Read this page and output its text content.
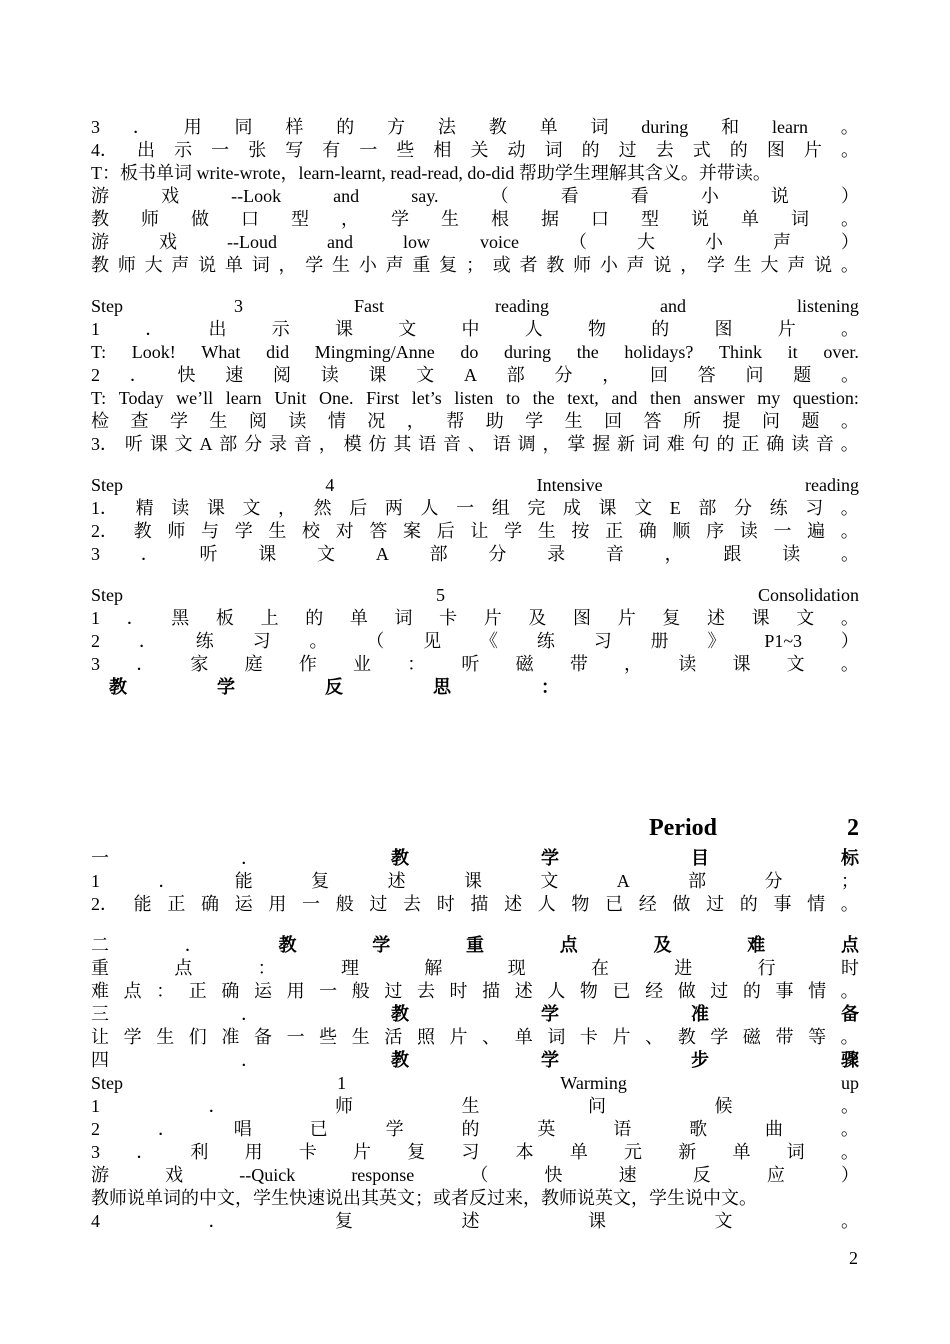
3 ． 用 同 样 的 方 法 教 单 词 during 和 learn 。
4． 出 示 一 张 写 有 一 些 相 关 动 词 的 过 去 式 的 图 片 。
T：板书单词 write-wrote，learn-learnt, read-read, do-did 帮助学生理解其含义。并带读。
游	戏	--Look	and	say.	（	看	看	小	说	）
教 师 做 口 型 ， 学 生 根 据 口 型 说 单 词 。
游	戏	--Loud	and	low	voice	（	大	小	声	）
教 师 大 声 说 单 词 ， 学 生 小 声 重 复 ； 或 者 教 师 小 声 说 ， 学 生 大 声 说 。
Step	3	Fast	reading	and	listening
1	．	出	示	课	文	中	人	物	的	图	片	。
T: Look! What did Mingming/Anne do during the holidays? Think it over.
2 ． 快 速 阅 读 课 文 A 部 分 ， 回 答 问 题 。
T: Today we’ll learn Unit One. First let’s listen to the text, and then answer my question:
检 查 学 生 阅 读 情 况 ， 帮 助 学 生 回 答 所 提 问 题 。
3． 听 课 文 A 部 分 录 音 ， 模 仿 其 语 音 、 语 调 ， 掌 握 新 词 难 句 的 正 确 读 音 。
Step	4	Intensive	reading
1． 精 读 课 文 ， 然 后 两 人 一 组 完 成 课 文 E 部 分 练 习 。
2． 教 师 与 学 生 校 对 答 案 后 让 学 生 按 正 确 顺 序 读 一 遍 。
3 ． 听 课 文 A 部 分 录 音 ， 跟 读 。
Step	5	Consolidation
1 ． 黑 板 上 的 单 词 卡 片 及 图 片 复 述 课 文 。
2 ． 练 习 。 （ 见 《 练 习 册 》 P1~3 ）
3 ． 家 庭 作 业 ： 听 磁 带 ， 读 课 文 。
教	学	反	思	：
Period	2
一	．	教	学	目	标
1	．	能	复	述	课	文	A	部	分	；
2． 能 正 确 运 用 一 般 过 去 时 描 述 人 物 已 经 做 过 的 事 情 。
二	．	教	学	重	点	及	难	点
重	点	：	理	解	现	在	进	行	时
难 点 ： 正 确 运 用 一 般 过 去 时 描 述 人 物 已 经 做 过 的 事 情 。
三	．	教	学	准	备
让 学 生 们 准 备 一 些 生 活 照 片 、 单 词 卡 片 、 教 学 磁 带 等 。
四	．	教	学	步	骤
Step	1	Warming	up
1	．	师	生	问	候	。
2	．	唱	已	学	的	英	语	歌	曲	。
3 ． 利 用 卡 片 复 习 本 单 元 新 单 词 。
游	戏	--Quick	response	（	快	速	反	应	）
教师说单词的中文，学生快速说出其英文；或者反过来，教师说英文，学生说中文。
4	．	复	述	课	文	。
2
